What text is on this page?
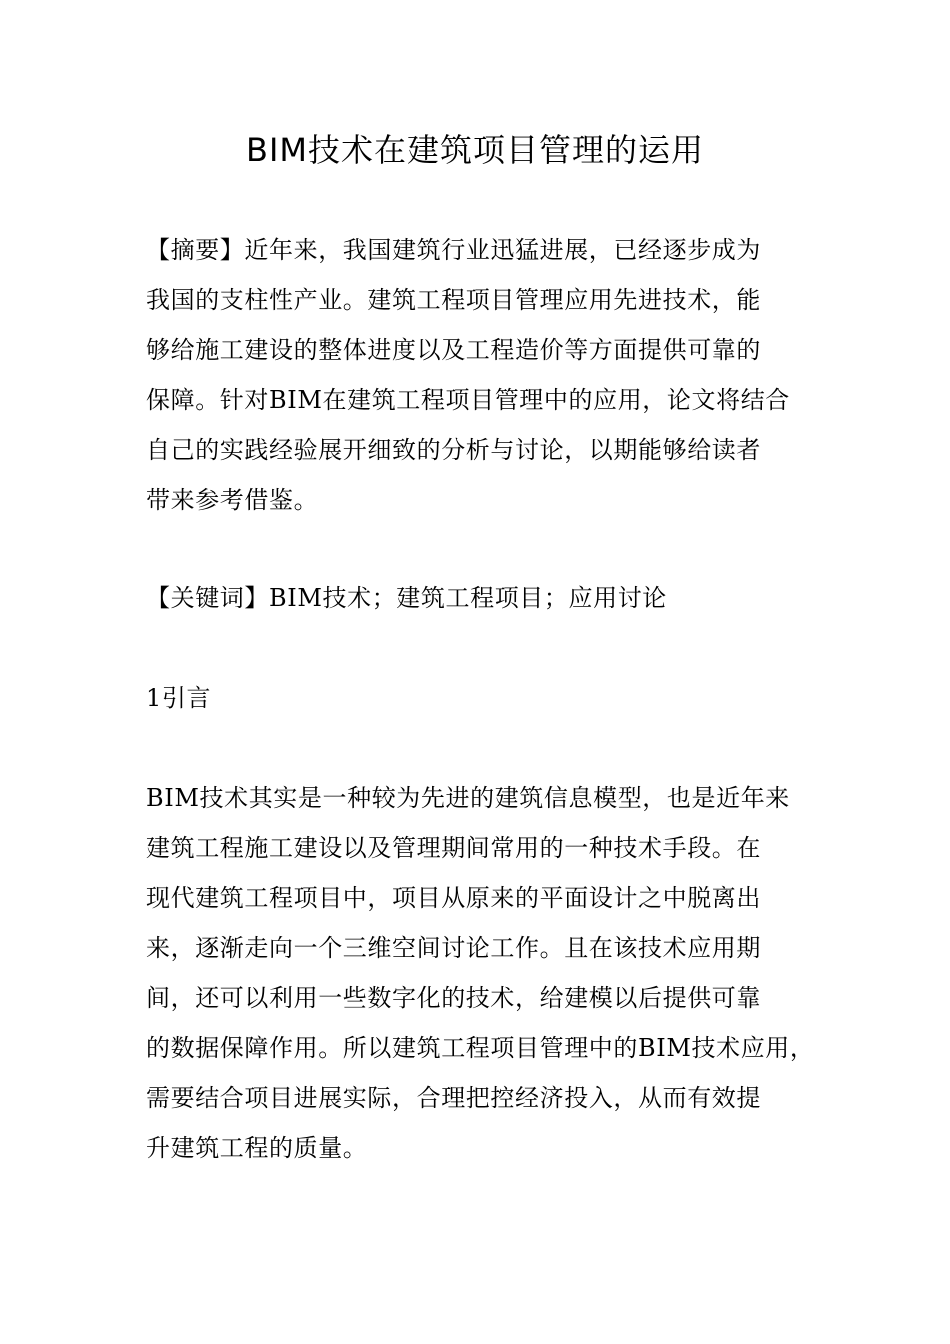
BIM技术在建筑项目管理的运用
【摘要】近年来，我国建筑行业迅猛进展，已经逐步成为
我国的支柱性产业。建筑工程项目管理应用先进技术，能
够给施工建设的整体进度以及工程造价等方面提供可靠的
保障。针对BIM在建筑工程项目管理中的应用，论文将结合
自己的实践经验展开细致的分析与讨论，以期能够给读者
带来参考借鉴。
【关键词】BIM技术；建筑工程项目；应用讨论
1引言
BIM技术其实是一种较为先进的建筑信息模型，也是近年来
建筑工程施工建设以及管理期间常用的一种技术手段。在
现代建筑工程项目中，项目从原来的平面设计之中脱离出
来，逐渐走向一个三维空间讨论工作。且在该技术应用期
间，还可以利用一些数字化的技术，给建模以后提供可靠
的数据保障作用。所以建筑工程项目管理中的BIM技术应用，
需要结合项目进展实际，合理把控经济投入，从而有效提
升建筑工程的质量。
